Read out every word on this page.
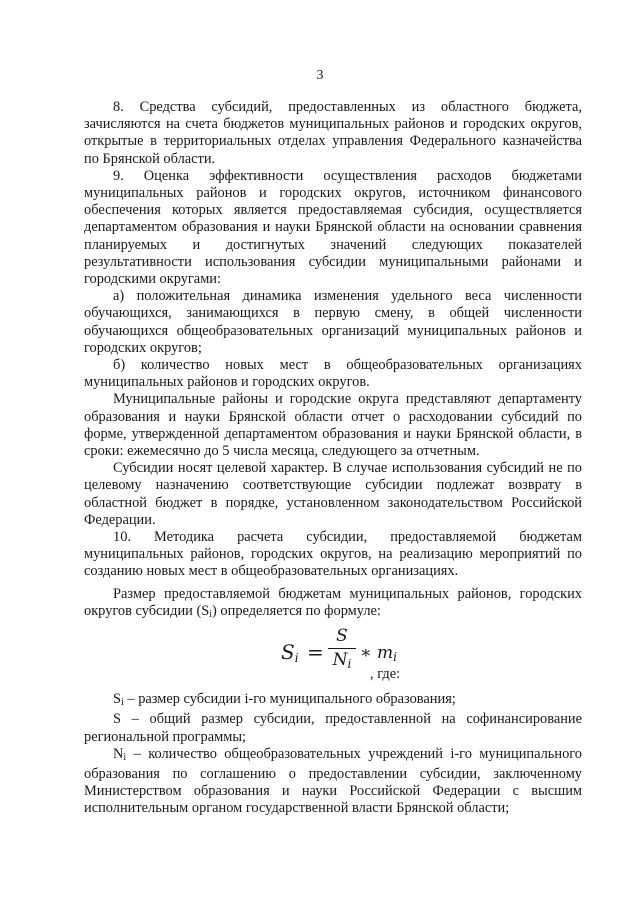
3

8. Средства субсидий, предоставленных из областного бюджета, зачисляются на счета бюджетов муниципальных районов и городских округов, открытые в территориальных отделах управления Федерального казначейства по Брянской области.

9. Оценка эффективности осуществления расходов бюджетами муниципальных районов и городских округов, источником финансового обеспечения которых является предоставляемая субсидия, осуществляется департаментом образования и науки Брянской области на основании сравнения планируемых и достигнутых значений следующих показателей результативности использования субсидии муниципальными районами и городскими округами:

а) положительная динамика изменения удельного веса численности обучающихся, занимающихся в первую смену, в общей численности обучающихся общеобразовательных организаций муниципальных районов и городских округов;

б) количество новых мест в общеобразовательных организациях муниципальных районов и городских округов.

Муниципальные районы и городские округа представляют департаменту образования и науки Брянской области отчет о расходовании субсидий по форме, утвержденной департаментом образования и науки Брянской области, в сроки: ежемесячно до 5 числа месяца, следующего за отчетным.

Субсидии носят целевой характер. В случае использования субсидий не по целевому назначению соответствующие субсидии подлежат возврату в областной бюджет в порядке, установленном законодательством Российской Федерации.

10. Методика расчета субсидии, предоставляемой бюджетам муниципальных районов, городских округов, на реализацию мероприятий по созданию новых мест в общеобразовательных организациях.

Размер предоставляемой бюджетам муниципальных районов, городских округов субсидии $(S_i)$ определяется по формуле:

$S_i$ =
S
$N_i$
∗ $m_i$
, где:

$S_i$ – размер субсидии i-го муниципального образования;

S – общий размер субсидии, предоставленной на софинансирование региональной программы;

$N_i$ – количество общеобразовательных учреждений i-го муниципального образования по соглашению о предоставлении субсидии, заключенному Министерством образования и науки Российской Федерации с высшим исполнительным органом государственной власти Брянской области;
